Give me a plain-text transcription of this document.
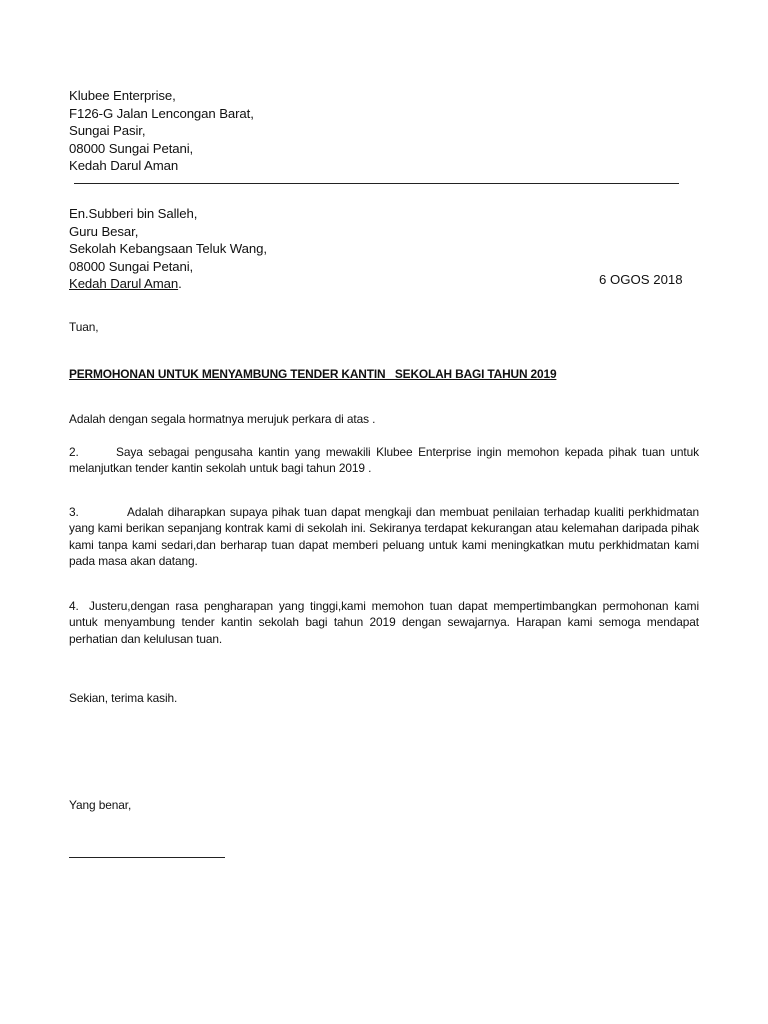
Klubee Enterprise,
F126-G Jalan Lencongan Barat,
Sungai Pasir,
08000 Sungai Petani,
Kedah Darul Aman
En.Subberi bin Salleh,
Guru Besar,
Sekolah Kebangsaan Teluk Wang,
08000 Sungai Petani,
Kedah Darul Aman.	6 OGOS 2018
Tuan,
PERMOHONAN UNTUK MENYAMBUNG TENDER KANTIN   SEKOLAH BAGI TAHUN 2019
Adalah dengan segala hormatnya merujuk perkara di atas .
2.	Saya sebagai pengusaha kantin yang mewakili Klubee Enterprise ingin memohon kepada pihak tuan untuk melanjutkan tender kantin sekolah untuk bagi tahun 2019 .
3.	Adalah diharapkan supaya pihak tuan dapat mengkaji dan membuat penilaian terhadap kualiti perkhidmatan yang kami berikan sepanjang kontrak kami di sekolah ini. Sekiranya terdapat kekurangan atau kelemahan daripada pihak kami tanpa kami sedari,dan berharap tuan dapat memberi peluang untuk kami meningkatkan mutu perkhidmatan kami pada masa akan datang.
4. Justeru,dengan rasa pengharapan yang tinggi,kami memohon tuan dapat mempertimbangkan permohonan kami untuk menyambung tender kantin sekolah bagi tahun 2019 dengan sewajarnya. Harapan kami semoga mendapat perhatian dan kelulusan tuan.
Sekian, terima kasih.
Yang benar,
